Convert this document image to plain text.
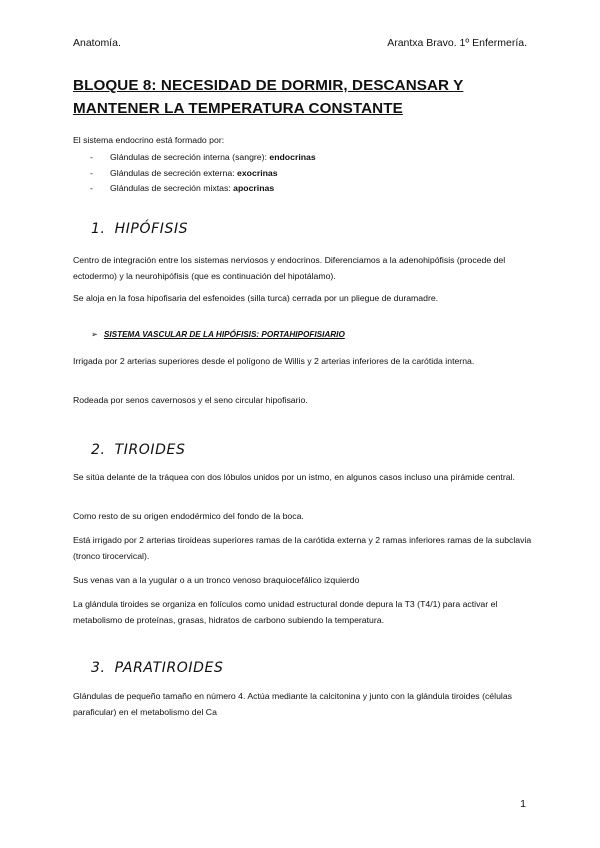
Anatomía.	Arantxa Bravo. 1º Enfermería.
BLOQUE 8: NECESIDAD DE DORMIR, DESCANSAR Y
MANTENER LA TEMPERATURA CONSTANTE
El sistema endocrino está formado por:
-	Glándulas de secreción interna (sangre): endocrinas
-	Glándulas de secreción externa: exocrinas
-	Glándulas de secreción mixtas: apocrinas
1. HIPÓFISIS
Centro de integración entre los sistemas nerviosos y endocrinos. Diferenciamos a la adenohipófisis (procede del ectodermo) y la neurohipófisis (que es continuación del hipotálamo).
Se aloja en la fosa hipofisaria del esfenoides (silla turca) cerrada por un pliegue de duramadre.
➢ SISTEMA VASCULAR DE LA HIPÓFISIS: PORTAHIPOFISIARIO
Irrigada por 2 arterias superiores desde el polígono de Willis y 2 arterias inferiores de la carótida interna.
Rodeada por senos cavernosos y el seno circular hipofisario.
2. TIROIDES
Se sitúa delante de la tráquea con dos lóbulos unidos por un istmo, en algunos casos incluso una pirámide central.
Como resto de su origen endodérmico del fondo de la boca.
Está irrigado por 2 arterias tiroideas superiores ramas de la carótida externa y 2 ramas inferiores ramas de la subclavia (tronco tirocervical).
Sus venas van a la yugular o a un tronco venoso braquiocefálico izquierdo
La glándula tiroides se organiza en folículos como unidad estructural donde depura la T3 (T4/1) para activar el metabolismo de proteínas, grasas, hidratos de carbono subiendo la temperatura.
3. PARATIROIDES
Glándulas de pequeño tamaño en número 4. Actúa mediante la calcitonina y junto con la glándula tiroides (células paraficular) en el metabolismo del Ca
1
